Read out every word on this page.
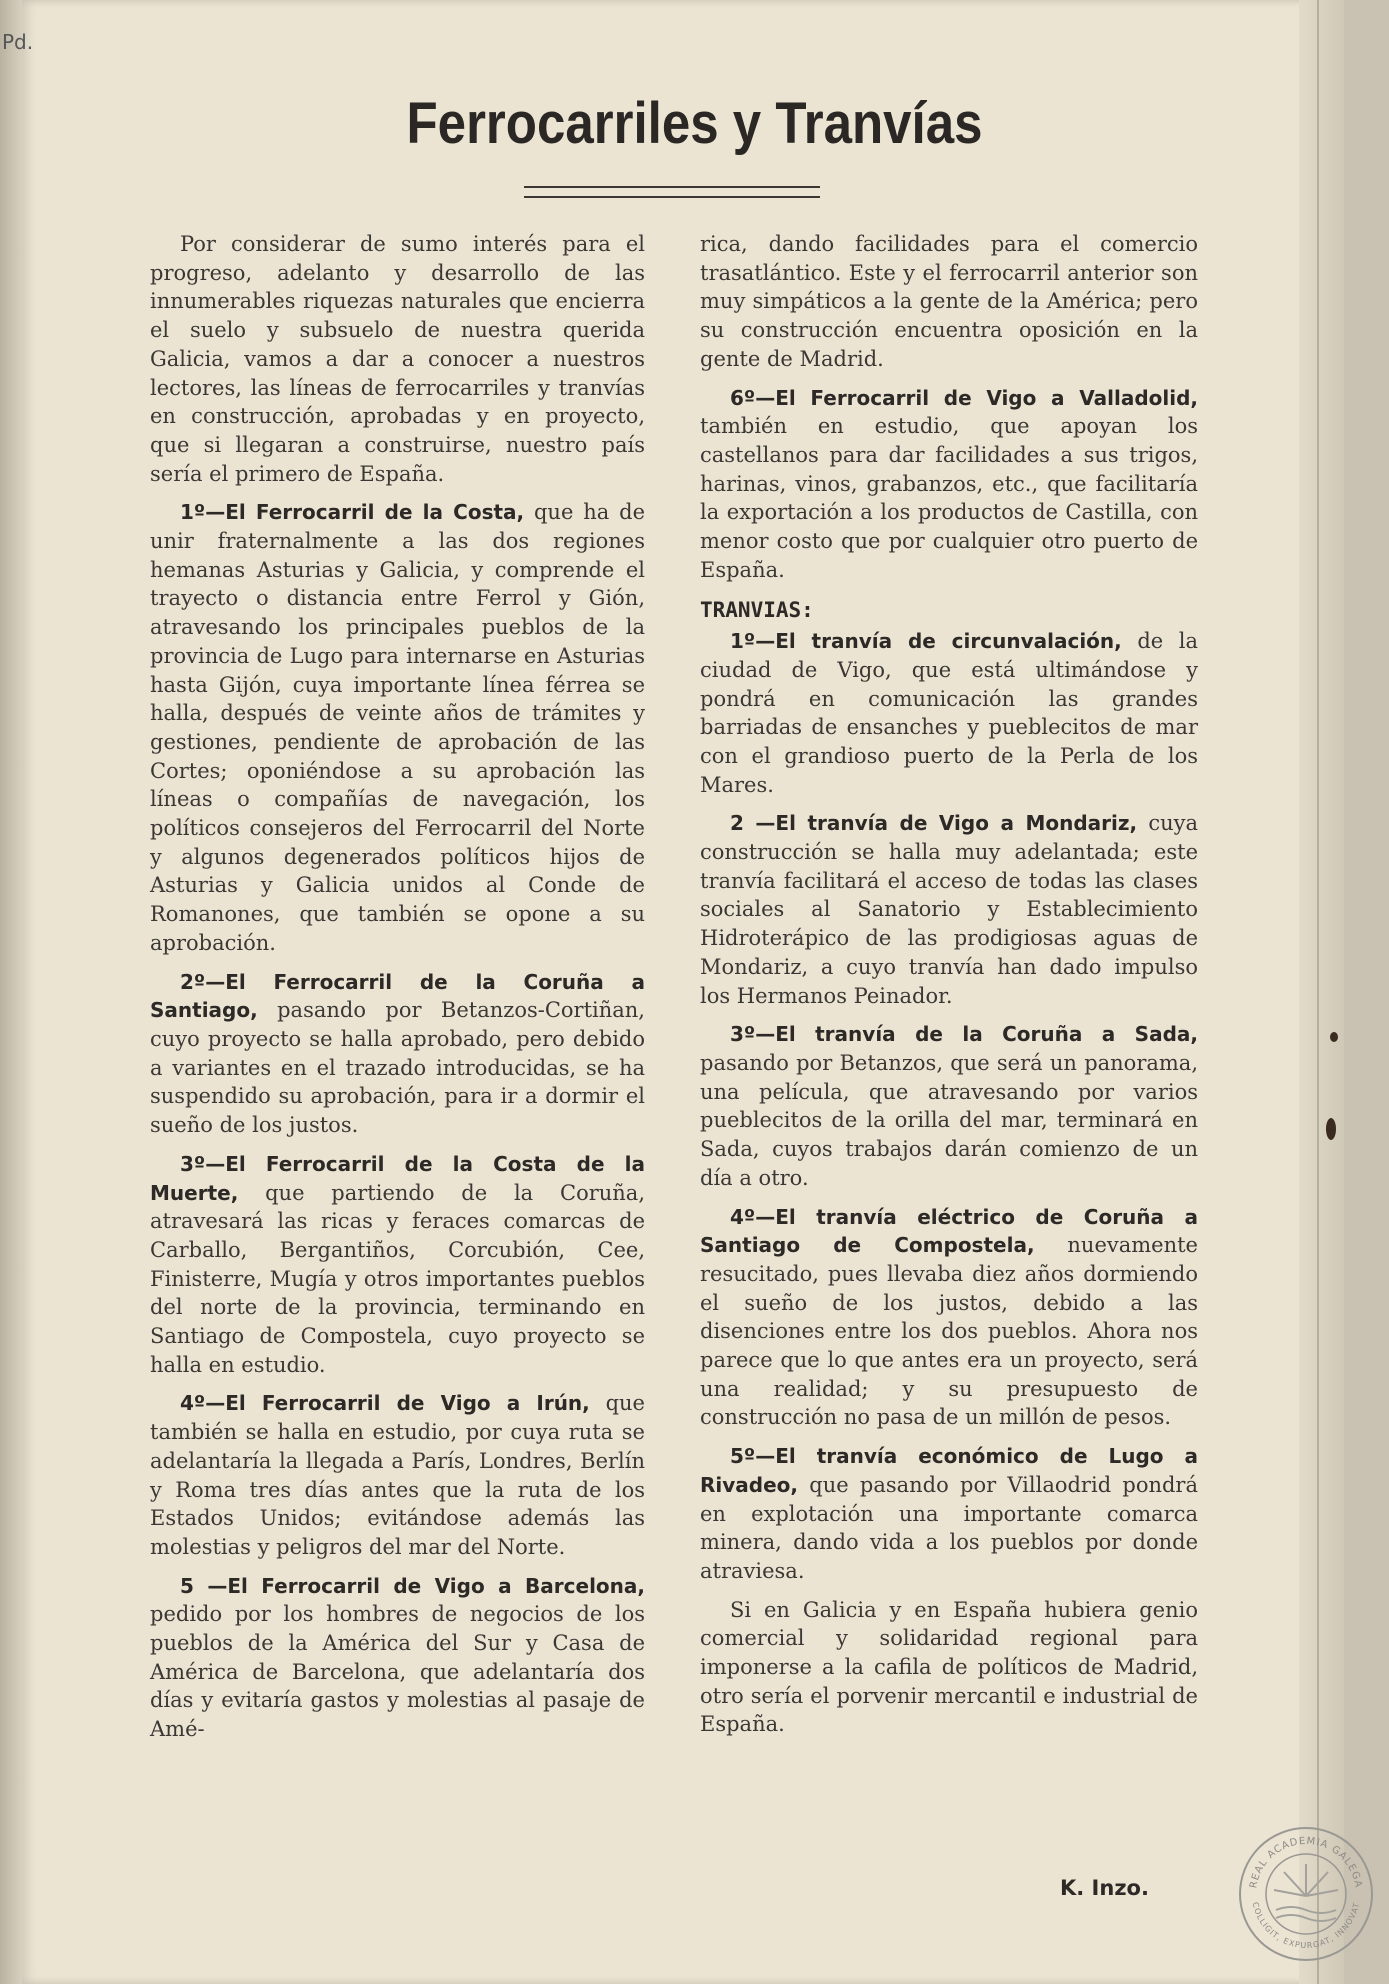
Pd.
Ferrocarriles y Tranvías

Por considerar de sumo interés para el progreso, adelanto y desarrollo de las innumerables riquezas naturales que encierra el suelo y subsuelo de nuestra querida Galicia, vamos a dar a conocer a nuestros lectores, las líneas de ferrocarriles y tranvías en construcción, aprobadas y en proyecto, que si llegaran a construirse, nuestro país sería el primero de España.

1º—El Ferrocarril de la Costa, que ha de unir fraternalmente a las dos regiones hemanas Asturias y Galicia, y comprende el trayecto o distancia entre Ferrol y Gión, atravesando los principales pueblos de la provincia de Lugo para internarse en Asturias hasta Gijón, cuya importante línea férrea se halla, después de veinte años de trámites y gestiones, pendiente de aprobación de las Cortes; oponiéndose a su aprobación las líneas o compañías de navegación, los políticos consejeros del Ferrocarril del Norte y algunos degenerados políticos hijos de Asturias y Galicia unidos al Conde de Romanones, que también se opone a su aprobación.

2º—El Ferrocarril de la Coruña a Santiago, pasando por Betanzos-Cortiñan, cuyo proyecto se halla aprobado, pero debido a variantes en el trazado introducidas, se ha suspendido su aprobación, para ir a dormir el sueño de los justos.

3º—El Ferrocarril de la Costa de la Muerte, que partiendo de la Coruña, atravesará las ricas y feraces comarcas de Carballo, Bergantiños, Corcubión, Cee, Finisterre, Mugía y otros importantes pueblos del norte de la provincia, terminando en Santiago de Compostela, cuyo proyecto se halla en estudio.

4º—El Ferrocarril de Vigo a Irún, que también se halla en estudio, por cuya ruta se adelantaría la llegada a París, Londres, Berlín y Roma tres días antes que la ruta de los Estados Unidos; evitándose además las molestias y peligros del mar del Norte.

5 —El Ferrocarril de Vigo a Barcelona, pedido por los hombres de negocios de los pueblos de la América del Sur y Casa de América de Barcelona, que adelantaría dos días y evitaría gastos y molestias al pasaje de Amé-

rica, dando facilidades para el comercio trasatlántico. Este y el ferrocarril anterior son muy simpáticos a la gente de la América; pero su construcción encuentra oposición en la gente de Madrid.

6º—El Ferrocarril de Vigo a Valladolid, también en estudio, que apoyan los castellanos para dar facilidades a sus trigos, harinas, vinos, grabanzos, etc., que facilitaría la exportación a los productos de Castilla, con menor costo que por cualquier otro puerto de España.

TRANVIAS:

1º—El tranvía de circunvalación, de la ciudad de Vigo, que está ultimándose y pondrá en comunicación las grandes barriadas de ensanches y pueblecitos de mar con el grandioso puerto de la Perla de los Mares.

2 —El tranvía de Vigo a Mondariz, cuya construcción se halla muy adelantada; este tranvía facilitará el acceso de todas las clases sociales al Sanatorio y Establecimiento Hidroterápico de las prodigiosas aguas de Mondariz, a cuyo tranvía han dado impulso los Hermanos Peinador.

3º—El tranvía de la Coruña a Sada, pasando por Betanzos, que será un panorama, una película, que atravesando por varios pueblecitos de la orilla del mar, terminará en Sada, cuyos trabajos darán comienzo de un día a otro.

4º—El tranvía eléctrico de Coruña a Santiago de Compostela, nuevamente resucitado, pues llevaba diez años dormiendo el sueño de los justos, debido a las disenciones entre los dos pueblos. Ahora nos parece que lo que antes era un proyecto, será una realidad; y su presupuesto de construcción no pasa de un millón de pesos.

5º—El tranvía económico de Lugo a Rivadeo, que pasando por Villaodrid pondrá en explotación una importante comarca minera, dando vida a los pueblos por donde atraviesa.

Si en Galicia y en España hubiera genio comercial y solidaridad regional para imponerse a la cafila de políticos de Madrid, otro sería el porvenir mercantil e industrial de España.

K. Inzo.	REAL ACADEMIA GALEGA
COLLIGIT, EXPURGAT, INNOVAT
